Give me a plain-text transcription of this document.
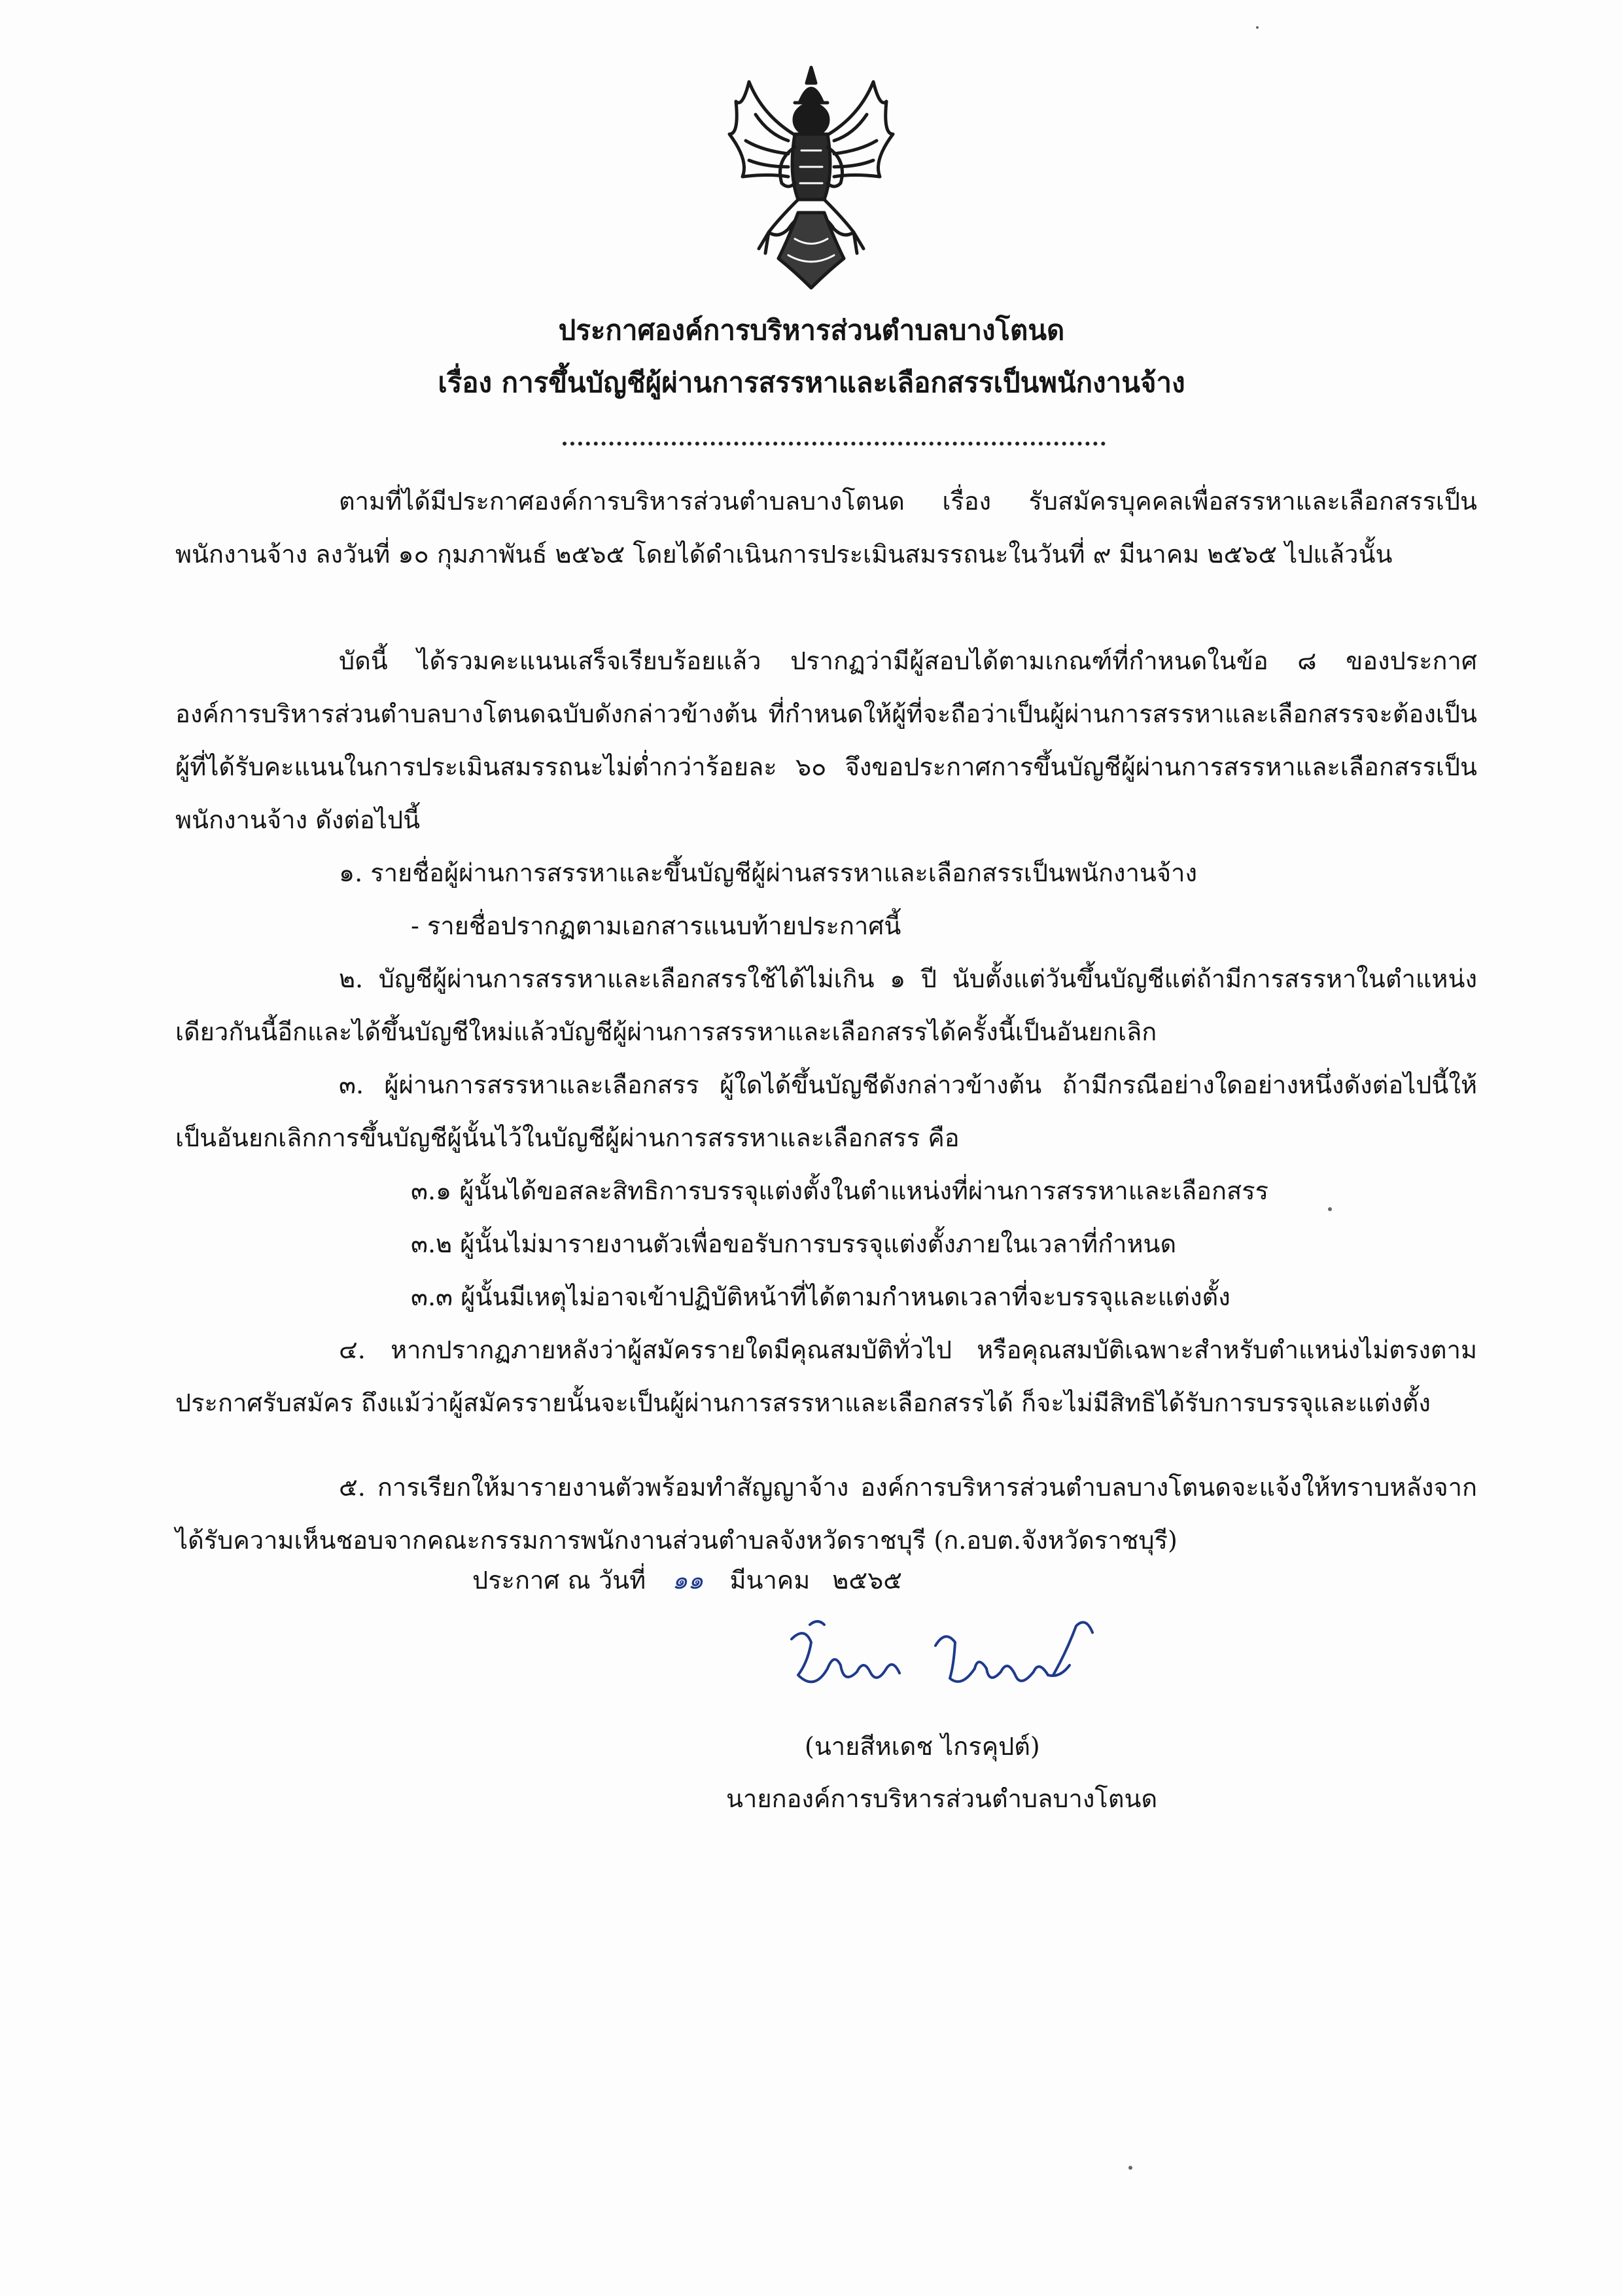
ประกาศองค์การบริหารส่วนตำบลบางโตนด
เรื่อง การขึ้นบัญชีผู้ผ่านการสรรหาและเลือกสรรเป็นพนักงานจ้าง
ตามที่ได้มีประกาศองค์การบริหารส่วนตำบลบางโตนด เรื่อง รับสมัครบุคคลเพื่อสรรหาและเลือกสรรเป็นพนักงานจ้าง ลงวันที่ ๑๐ กุมภาพันธ์ ๒๕๖๕ โดยได้ดำเนินการประเมินสมรรถนะในวันที่ ๙ มีนาคม ๒๕๖๕ ไปแล้วนั้น
บัดนี้ ได้รวมคะแนนเสร็จเรียบร้อยแล้ว ปรากฏว่ามีผู้สอบได้ตามเกณฑ์ที่กำหนดในข้อ ๘ ของประกาศองค์การบริหารส่วนตำบลบางโตนดฉบับดังกล่าวข้างต้น ที่กำหนดให้ผู้ที่จะถือว่าเป็นผู้ผ่านการสรรหาและเลือกสรรจะต้องเป็นผู้ที่ได้รับคะแนนในการประเมินสมรรถนะไม่ต่ำกว่าร้อยละ ๖๐ จึงขอประกาศการขึ้นบัญชีผู้ผ่านการสรรหาและเลือกสรรเป็นพนักงานจ้าง ดังต่อไปนี้
๑. รายชื่อผู้ผ่านการสรรหาและขึ้นบัญชีผู้ผ่านสรรหาและเลือกสรรเป็นพนักงานจ้าง
- รายชื่อปรากฏตามเอกสารแนบท้ายประกาศนี้
๒. บัญชีผู้ผ่านการสรรหาและเลือกสรรใช้ได้ไม่เกิน ๑ ปี นับตั้งแต่วันขึ้นบัญชีแต่ถ้ามีการสรรหาในตำแหน่งเดียวกันนี้อีกและได้ขึ้นบัญชีใหม่แล้วบัญชีผู้ผ่านการสรรหาและเลือกสรรได้ครั้งนี้เป็นอันยกเลิก
๓. ผู้ผ่านการสรรหาและเลือกสรร ผู้ใดได้ขึ้นบัญชีดังกล่าวข้างต้น ถ้ามีกรณีอย่างใดอย่างหนึ่งดังต่อไปนี้ให้เป็นอันยกเลิกการขึ้นบัญชีผู้นั้นไว้ในบัญชีผู้ผ่านการสรรหาและเลือกสรร คือ
๓.๑ ผู้นั้นได้ขอสละสิทธิการบรรจุแต่งตั้งในตำแหน่งที่ผ่านการสรรหาและเลือกสรร
๓.๒ ผู้นั้นไม่มารายงานตัวเพื่อขอรับการบรรจุแต่งตั้งภายในเวลาที่กำหนด
๓.๓ ผู้นั้นมีเหตุไม่อาจเข้าปฏิบัติหน้าที่ได้ตามกำหนดเวลาที่จะบรรจุและแต่งตั้ง
๔. หากปรากฏภายหลังว่าผู้สมัครรายใดมีคุณสมบัติทั่วไป หรือคุณสมบัติเฉพาะสำหรับตำแหน่งไม่ตรงตามประกาศรับสมัคร ถึงแม้ว่าผู้สมัครรายนั้นจะเป็นผู้ผ่านการสรรหาและเลือกสรรได้ ก็จะไม่มีสิทธิได้รับการบรรจุและแต่งตั้ง
๕. การเรียกให้มารายงานตัวพร้อมทำสัญญาจ้าง องค์การบริหารส่วนตำบลบางโตนดจะแจ้งให้ทราบหลังจากได้รับความเห็นชอบจากคณะกรรมการพนักงานส่วนตำบลจังหวัดราชบุรี (ก.อบต.จังหวัดราชบุรี)
ประกาศ ณ วันที่ ๑๑ มีนาคม ๒๕๖๕
(นายสีหเดช ไกรคุปต์)
นายกองค์การบริหารส่วนตำบลบางโตนด
